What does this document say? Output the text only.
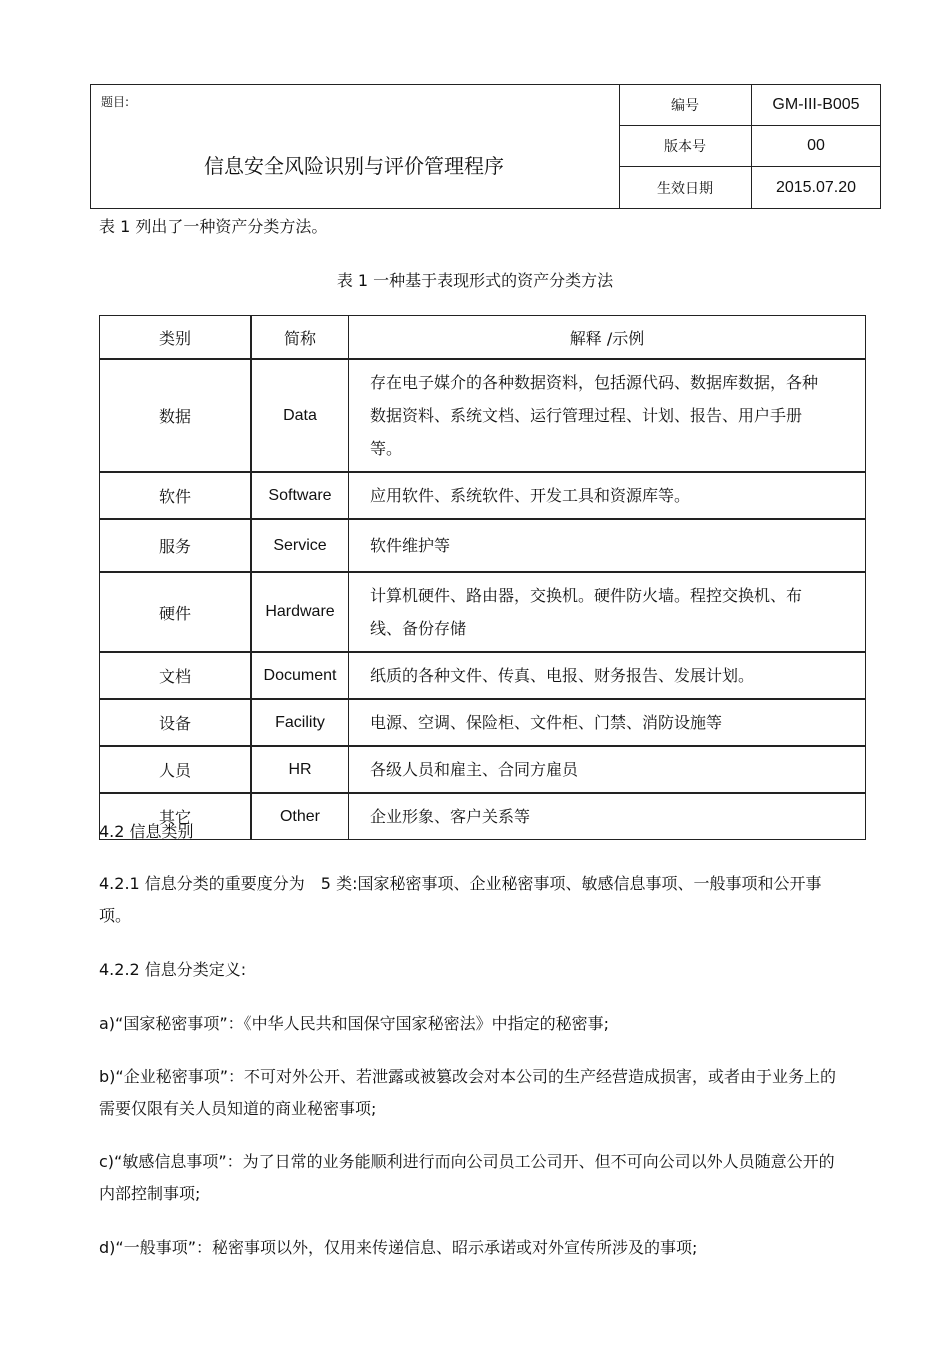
题目:	编号	GM-III-B005
版本号	00
生效日期	2015.07.20
信息安全风险识别与评价管理程序
表 1 列出了一种资产分类方法。
表 1 一种基于表现形式的资产分类方法
类别	简称	解释 /示例
数据	Data	存在电子媒介的各种数据资料，包括源代码、数据库数据，各种数据资料、系统文档、运行管理过程、计划、报告、用户手册等。
软件	Software	应用软件、系统软件、开发工具和资源库等。
服务	Service	软件维护等
硬件	Hardware	计算机硬件、路由器，交换机。硬件防火墙。程控交换机、布线、备份存储
文档	Document	纸质的各种文件、传真、电报、财务报告、发展计划。
设备	Facility	电源、空调、保险柜、文件柜、门禁、消防设施等
人员	HR	各级人员和雇主、合同方雇员
其它	Other	企业形象、客户关系等
4.2 信息类别
4.2.1 信息分类的重要度分为　5 类:国家秘密事项、企业秘密事项、敏感信息事项、一般事项和公开事项。
4.2.2 信息分类定义:
a)“国家秘密事项”：《中华人民共和国保守国家秘密法》中指定的秘密事;
b)“企业秘密事项”：不可对外公开、若泄露或被篡改会对本公司的生产经营造成损害，或者由于业务上的需要仅限有关人员知道的商业秘密事项;
c)“敏感信息事项”：为了日常的业务能顺利进行而向公司员工公司开、但不可向公司以外人员随意公开的内部控制事项;
d)“一般事项”：秘密事项以外，仅用来传递信息、昭示承诺或对外宣传所涉及的事项;
